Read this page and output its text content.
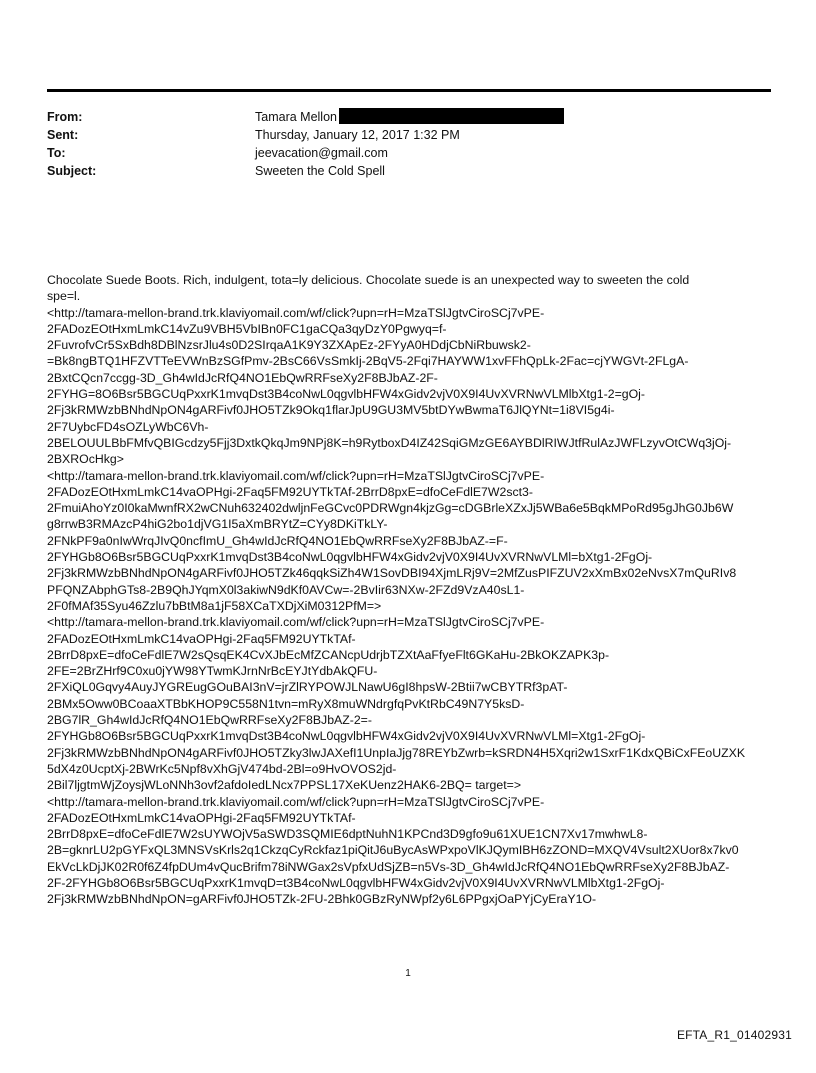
From:	Tamara Mellon
Sent:	Thursday, January 12, 2017 1:32 PM
To:	jeevacation@gmail.com
Subject:	Sweeten the Cold Spell

Chocolate Suede Boots. Rich, indulgent, tota=ly delicious. Chocolate suede is an unexpected way to sweeten the cold

spe=l.

<http://tamara-mellon-brand.trk.klaviyomail.com/wf/click?upn=rH=MzaTSlJgtvCiroSCj7vPE-

2FADozEOtHxmLmkC14vZu9VBH5VbIBn0FC1gaCQa3qyDzY0Pgwyq=f-

2FuvrofvCr5SxBdh8DBlNzsrJlu4s0D2SIrqaA1K9Y3ZXApEz-2FYyA0HDdjCbNiRbuwsk2-

=Bk8ngBTQ1HFZVTTeEVWnBzSGfPmv-2BsC66VsSmkIj-2BqV5-2Fqi7HAYWW1xvFFhQpLk-2Fac=cjYWGVt-2FLgA-

2BxtCQcn7ccgg-3D_Gh4wIdJcRfQ4NO1EbQwRRFseXy2F8BJbAZ-2F-

2FYHG=8O6Bsr5BGCUqPxxrK1mvqDst3B4coNwL0qgvlbHFW4xGidv2vjV0X9I4UvXVRNwVLMlbXtg1-2=gOj-

2Fj3kRMWzbBNhdNpON4gARFivf0JHO5TZk9Okq1flarJpU9GU3MV5btDYwBwmaT6JlQYNt=1i8VI5g4i-

2F7UybcFD4sOZLyWbC6Vh-

2BELOUULBbFMfvQBIGcdzy5Fjj3DxtkQkqJm9NPj8K=h9RytboxD4IZ42SqiGMzGE6AYBDlRIWJtfRulAzJWFLzyvOtCWq3jOj-

2BXROcHkg>

<http://tamara-mellon-brand.trk.klaviyomail.com/wf/click?upn=rH=MzaTSlJgtvCiroSCj7vPE-

2FADozEOtHxmLmkC14vaOPHgi-2Faq5FM92UYTkTAf-2BrrD8pxE=dfoCeFdlE7W2sct3-

2FmuiAhoYz0I0kaMwnfRX2wCNuh632402dwljnFeGCvc0PDRWgn4kjzGg=cDGBrleXZxJj5WBa6e5BqkMPoRd95gJhG0Jb6W

g8rrwB3RMAzcP4hiG2bo1djVG1I5aXmBRYtZ=CYy8DKiTkLY-

2FNkPF9a0nIwWrqJIvQ0ncfImU_Gh4wIdJcRfQ4NO1EbQwRRFseXy2F8BJbAZ-=F-

2FYHGb8O6Bsr5BGCUqPxxrK1mvqDst3B4coNwL0qgvlbHFW4xGidv2vjV0X9I4UvXVRNwVLMl=bXtg1-2FgOj-

2Fj3kRMWzbBNhdNpON4gARFivf0JHO5TZk46qqkSiZh4W1SovDBI94XjmLRj9V=2MfZusPIFZUV2xXmBx02eNvsX7mQuRIv8

PFQNZAbphGTs8-2B9QhJYqmX0l3akiwN9dKf0AVCw=-2BvIir63NXw-2FZd9VzA40sL1-

2F0fMAf35Syu46Zzlu7bBtM8a1jF58XCaTXDjXiM0312PfM=>

<http://tamara-mellon-brand.trk.klaviyomail.com/wf/click?upn=rH=MzaTSlJgtvCiroSCj7vPE-

2FADozEOtHxmLmkC14vaOPHgi-2Faq5FM92UYTkTAf-

2BrrD8pxE=dfoCeFdlE7W2sQsqEK4CvXJbEcMfZCANcpUdrjbTZXtAaFfyeFlt6GKaHu-2BkOKZAPK3p-

2FE=2BrZHrf9C0xu0jYW98YTwmKJrnNrBcEYJtYdbAkQFU-

2FXiQL0Gqvy4AuyJYGREugGOuBAI3nV=jrZlRYPOWJLNawU6gI8hpsW-2Btii7wCBYTRf3pAT-

2BMx5Oww0BCoaaXTBbKHOP9C558N1tvn=mRyX8muWNdrgfqPvKtRbC49N7Y5ksD-

2BG7lR_Gh4wIdJcRfQ4NO1EbQwRRFseXy2F8BJbAZ-2=-

2FYHGb8O6Bsr5BGCUqPxxrK1mvqDst3B4coNwL0qgvlbHFW4xGidv2vjV0X9I4UvXVRNwVLMl=Xtg1-2FgOj-

2Fj3kRMWzbBNhdNpON4gARFivf0JHO5TZky3lwJAXefI1UnpIaJjg78REYbZwrb=kSRDN4H5Xqri2w1SxrF1KdxQBiCxFEoUZXK

5dX4z0UcptXj-2BWrKc5Npf8vXhGjV474bd-2Bl=o9HvOVOS2jd-

2Bil7ljgtmWjZoysjWLoNNh3ovf2afdoIedLNcx7PPSL17XeKUenz2HAK6-2BQ= target=>

<http://tamara-mellon-brand.trk.klaviyomail.com/wf/click?upn=rH=MzaTSlJgtvCiroSCj7vPE-

2FADozEOtHxmLmkC14vaOPHgi-2Faq5FM92UYTkTAf-

2BrrD8pxE=dfoCeFdlE7W2sUYWOjV5aSWD3SQMIE6dptNuhN1KPCnd3D9gfo9u61XUE1CN7Xv17mwhwL8-

2B=gknrLU2pGYFxQL3MNSVsKrls2q1CkzqCyRckfaz1piQitJ6uBycAsWPxpoVlKJQymIBH6zZOND=MXQV4Vsult2XUor8x7kv0

EkVcLkDjJK02R0f6Z4fpDUm4vQucBrifm78iNWGax2sVpfxUdSjZB=n5Vs-3D_Gh4wIdJcRfQ4NO1EbQwRRFseXy2F8BJbAZ-

2F-2FYHGb8O6Bsr5BGCUqPxxrK1mvqD=t3B4coNwL0qgvlbHFW4xGidv2vjV0X9I4UvXVRNwVLMlbXtg1-2FgOj-

2Fj3kRMWzbBNhdNpON=gARFivf0JHO5TZk-2FU-2Bhk0GBzRyNWpf2y6L6PPgxjOaPYjCyEraY1O-

1
EFTA_R1_01402931
